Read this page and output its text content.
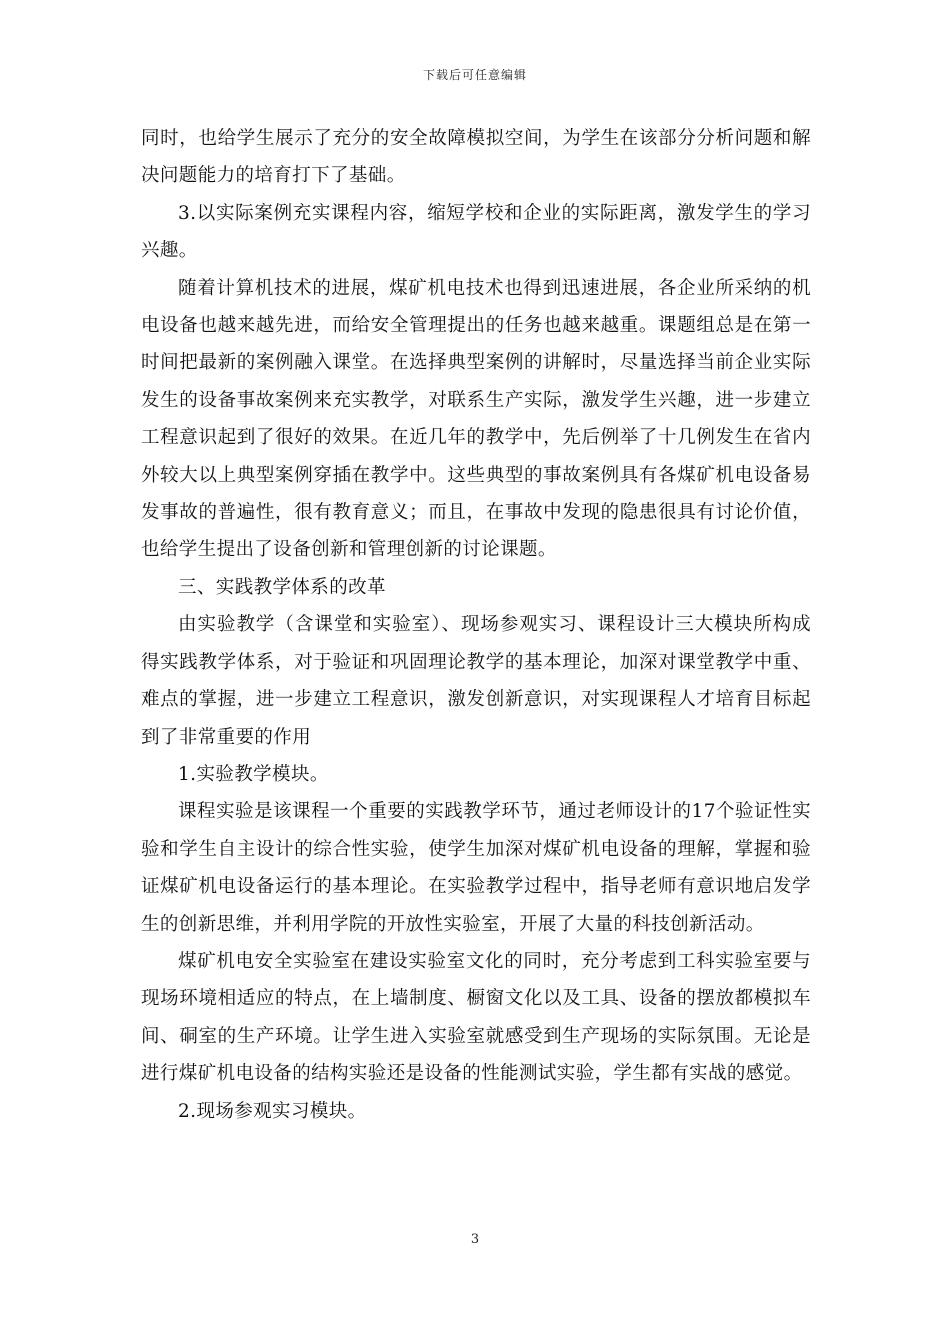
下载后可任意编辑

同时，也给学生展示了充分的安全故障模拟空间，为学生在该部分分析问题和解决问题能力的培育打下了基础。

3.以实际案例充实课程内容，缩短学校和企业的实际距离，激发学生的学习兴趣。

随着计算机技术的进展，煤矿机电技术也得到迅速进展，各企业所采纳的机电设备也越来越先进，而给安全管理提出的任务也越来越重。课题组总是在第一时间把最新的案例融入课堂。在选择典型案例的讲解时，尽量选择当前企业实际发生的设备事故案例来充实教学，对联系生产实际，激发学生兴趣，进一步建立工程意识起到了很好的效果。在近几年的教学中，先后例举了十几例发生在省内外较大以上典型案例穿插在教学中。这些典型的事故案例具有各煤矿机电设备易发事故的普遍性，很有教育意义；而且，在事故中发现的隐患很具有讨论价值，也给学生提出了设备创新和管理创新的讨论课题。

三、实践教学体系的改革

由实验教学（含课堂和实验室）、现场参观实习、课程设计三大模块所构成得实践教学体系，对于验证和巩固理论教学的基本理论，加深对课堂教学中重、难点的掌握，进一步建立工程意识，激发创新意识，对实现课程人才培育目标起到了非常重要的作用

1.实验教学模块。

课程实验是该课程一个重要的实践教学环节，通过老师设计的17个验证性实验和学生自主设计的综合性实验，使学生加深对煤矿机电设备的理解，掌握和验证煤矿机电设备运行的基本理论。在实验教学过程中，指导老师有意识地启发学生的创新思维，并利用学院的开放性实验室，开展了大量的科技创新活动。

煤矿机电安全实验室在建设实验室文化的同时，充分考虑到工科实验室要与现场环境相适应的特点，在上墙制度、橱窗文化以及工具、设备的摆放都模拟车间、硐室的生产环境。让学生进入实验室就感受到生产现场的实际氛围。无论是进行煤矿机电设备的结构实验还是设备的性能测试实验，学生都有实战的感觉。

2.现场参观实习模块。

3
